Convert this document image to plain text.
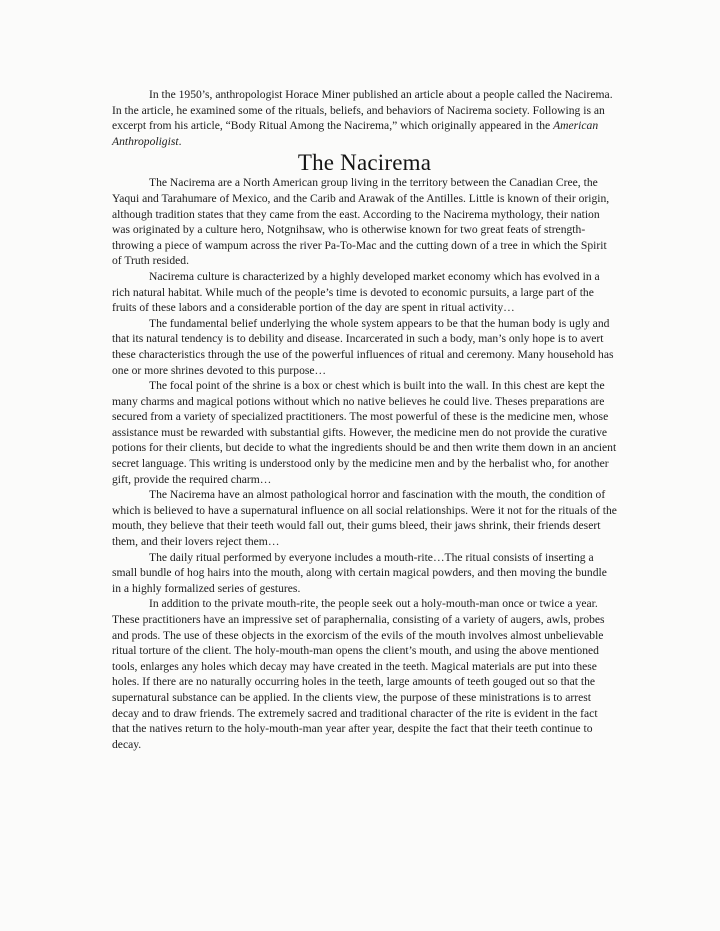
In the 1950’s, anthropologist Horace Miner published an article about a people called the Nacirema. In the article, he examined some of the rituals, beliefs, and behaviors of Nacirema society. Following is an excerpt from his article, “Body Ritual Among the Nacirema,” which originally appeared in the American Anthropoligist.

The Nacirema

The Nacirema are a North American group living in the territory between the Canadian Cree, the Yaqui and Tarahumare of Mexico, and the Carib and Arawak of the Antilles. Little is known of their origin, although tradition states that they came from the east. According to the Nacirema mythology, their nation was originated by a culture hero, Notgnihsaw, who is otherwise known for two great feats of strength-throwing a piece of wampum across the river Pa-To-Mac and the cutting down of a tree in which the Spirit of Truth resided.

Nacirema culture is characterized by a highly developed market economy which has evolved in a rich natural habitat. While much of the people’s time is devoted to economic pursuits, a large part of the fruits of these labors and a considerable portion of the day are spent in ritual activity…

The fundamental belief underlying the whole system appears to be that the human body is ugly and that its natural tendency is to debility and disease. Incarcerated in such a body, man’s only hope is to avert these characteristics through the use of the powerful influences of ritual and ceremony. Many household has one or more shrines devoted to this purpose…

The focal point of the shrine is a box or chest which is built into the wall. In this chest are kept the many charms and magical potions without which no native believes he could live. Theses preparations are secured from a variety of specialized practitioners. The most powerful of these is the medicine men, whose assistance must be rewarded with substantial gifts. However, the medicine men do not provide the curative potions for their clients, but decide to what the ingredients should be and then write them down in an ancient secret language. This writing is understood only by the medicine men and by the herbalist who, for another gift, provide the required charm…

The Nacirema have an almost pathological horror and fascination with the mouth, the condition of which is believed to have a supernatural influence on all social relationships. Were it not for the rituals of the mouth, they believe that their teeth would fall out, their gums bleed, their jaws shrink, their friends desert them, and their lovers reject them…

The daily ritual performed by everyone includes a mouth-rite…The ritual consists of inserting a small bundle of hog hairs into the mouth, along with certain magical powders, and then moving the bundle in a highly formalized series of gestures.

In addition to the private mouth-rite, the people seek out a holy-mouth-man once or twice a year. These practitioners have an impressive set of paraphernalia, consisting of a variety of augers, awls, probes and prods. The use of these objects in the exorcism of the evils of the mouth involves almost unbelievable ritual torture of the client. The holy-mouth-man opens the client’s mouth, and using the above mentioned tools, enlarges any holes which decay may have created in the teeth. Magical materials are put into these holes. If there are no naturally occurring holes in the teeth, large amounts of teeth gouged out so that the supernatural substance can be applied. In the clients view, the purpose of these ministrations is to arrest decay and to draw friends. The extremely sacred and traditional character of the rite is evident in the fact that the natives return to the holy-mouth-man year after year, despite the fact that their teeth continue to decay.
